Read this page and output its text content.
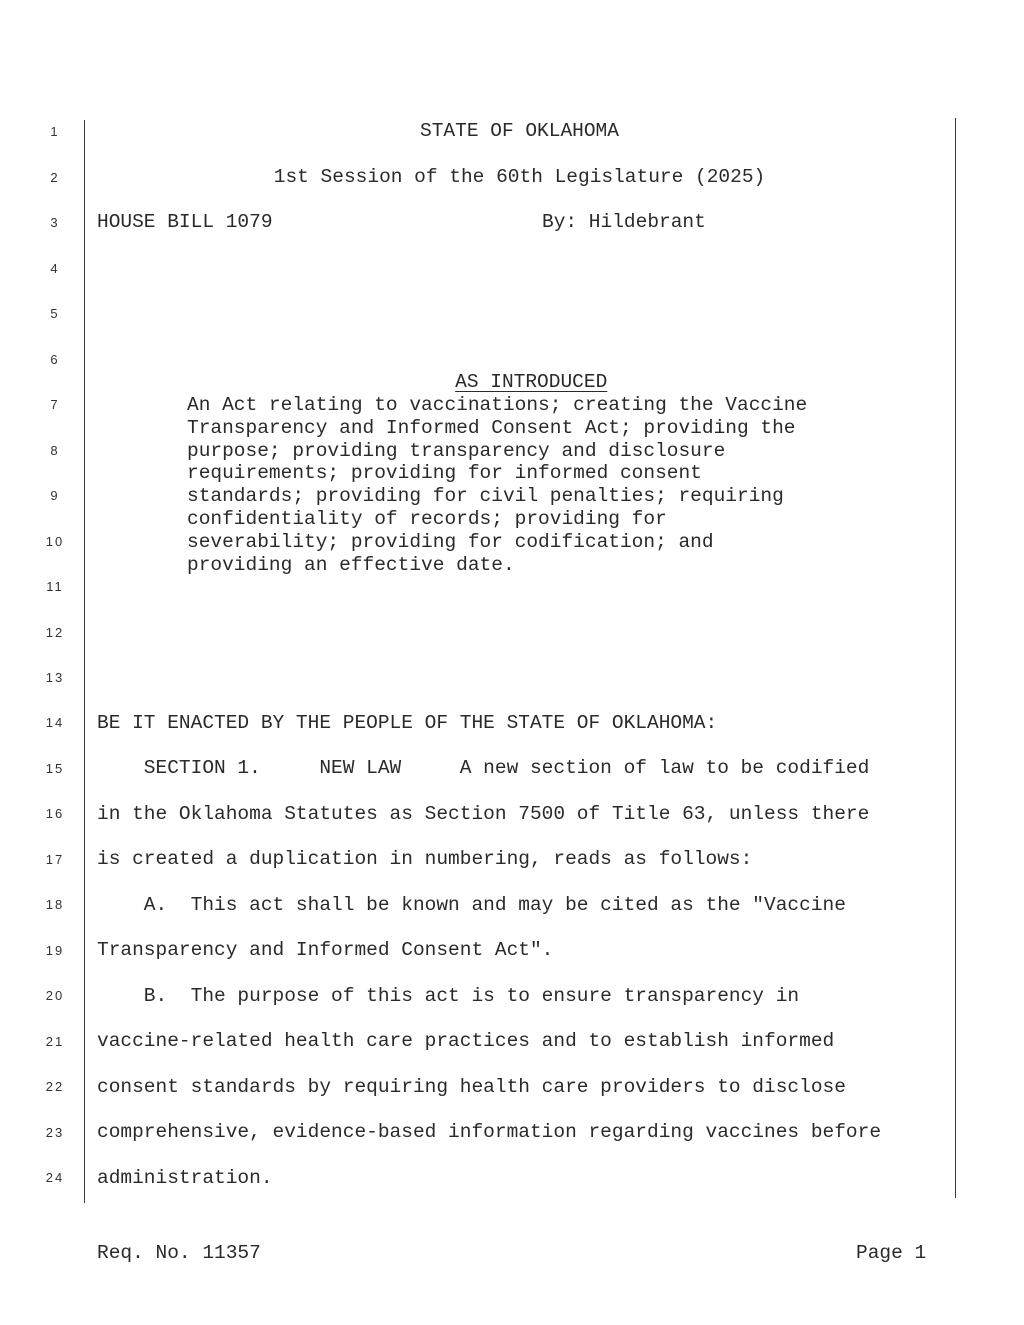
1
2
3
4
5
6
7
8
9
10
11
12
13
14
15
16
17
18
19
20
21
22
23
24
STATE OF OKLAHOMA
1st Session of the 60th Legislature (2025)
HOUSE BILL 1079	By: Hildebrant

AS INTRODUCED

An Act relating to vaccinations; creating the Vaccine
Transparency and Informed Consent Act; providing the
purpose; providing transparency and disclosure
requirements; providing for informed consent
standards; providing for civil penalties; requiring
confidentiality of records; providing for
severability; providing for codification; and
providing an effective date.
BE IT ENACTED BY THE PEOPLE OF THE STATE OF OKLAHOMA:
SECTION 1.     NEW LAW     A new section of law to be codified
in the Oklahoma Statutes as Section 7500 of Title 63, unless there
is created a duplication in numbering, reads as follows:
A.  This act shall be known and may be cited as the "Vaccine
Transparency and Informed Consent Act".
B.  The purpose of this act is to ensure transparency in
vaccine-related health care practices and to establish informed
consent standards by requiring health care providers to disclose
comprehensive, evidence-based information regarding vaccines before
administration.
Req. No. 11357	Page 1
